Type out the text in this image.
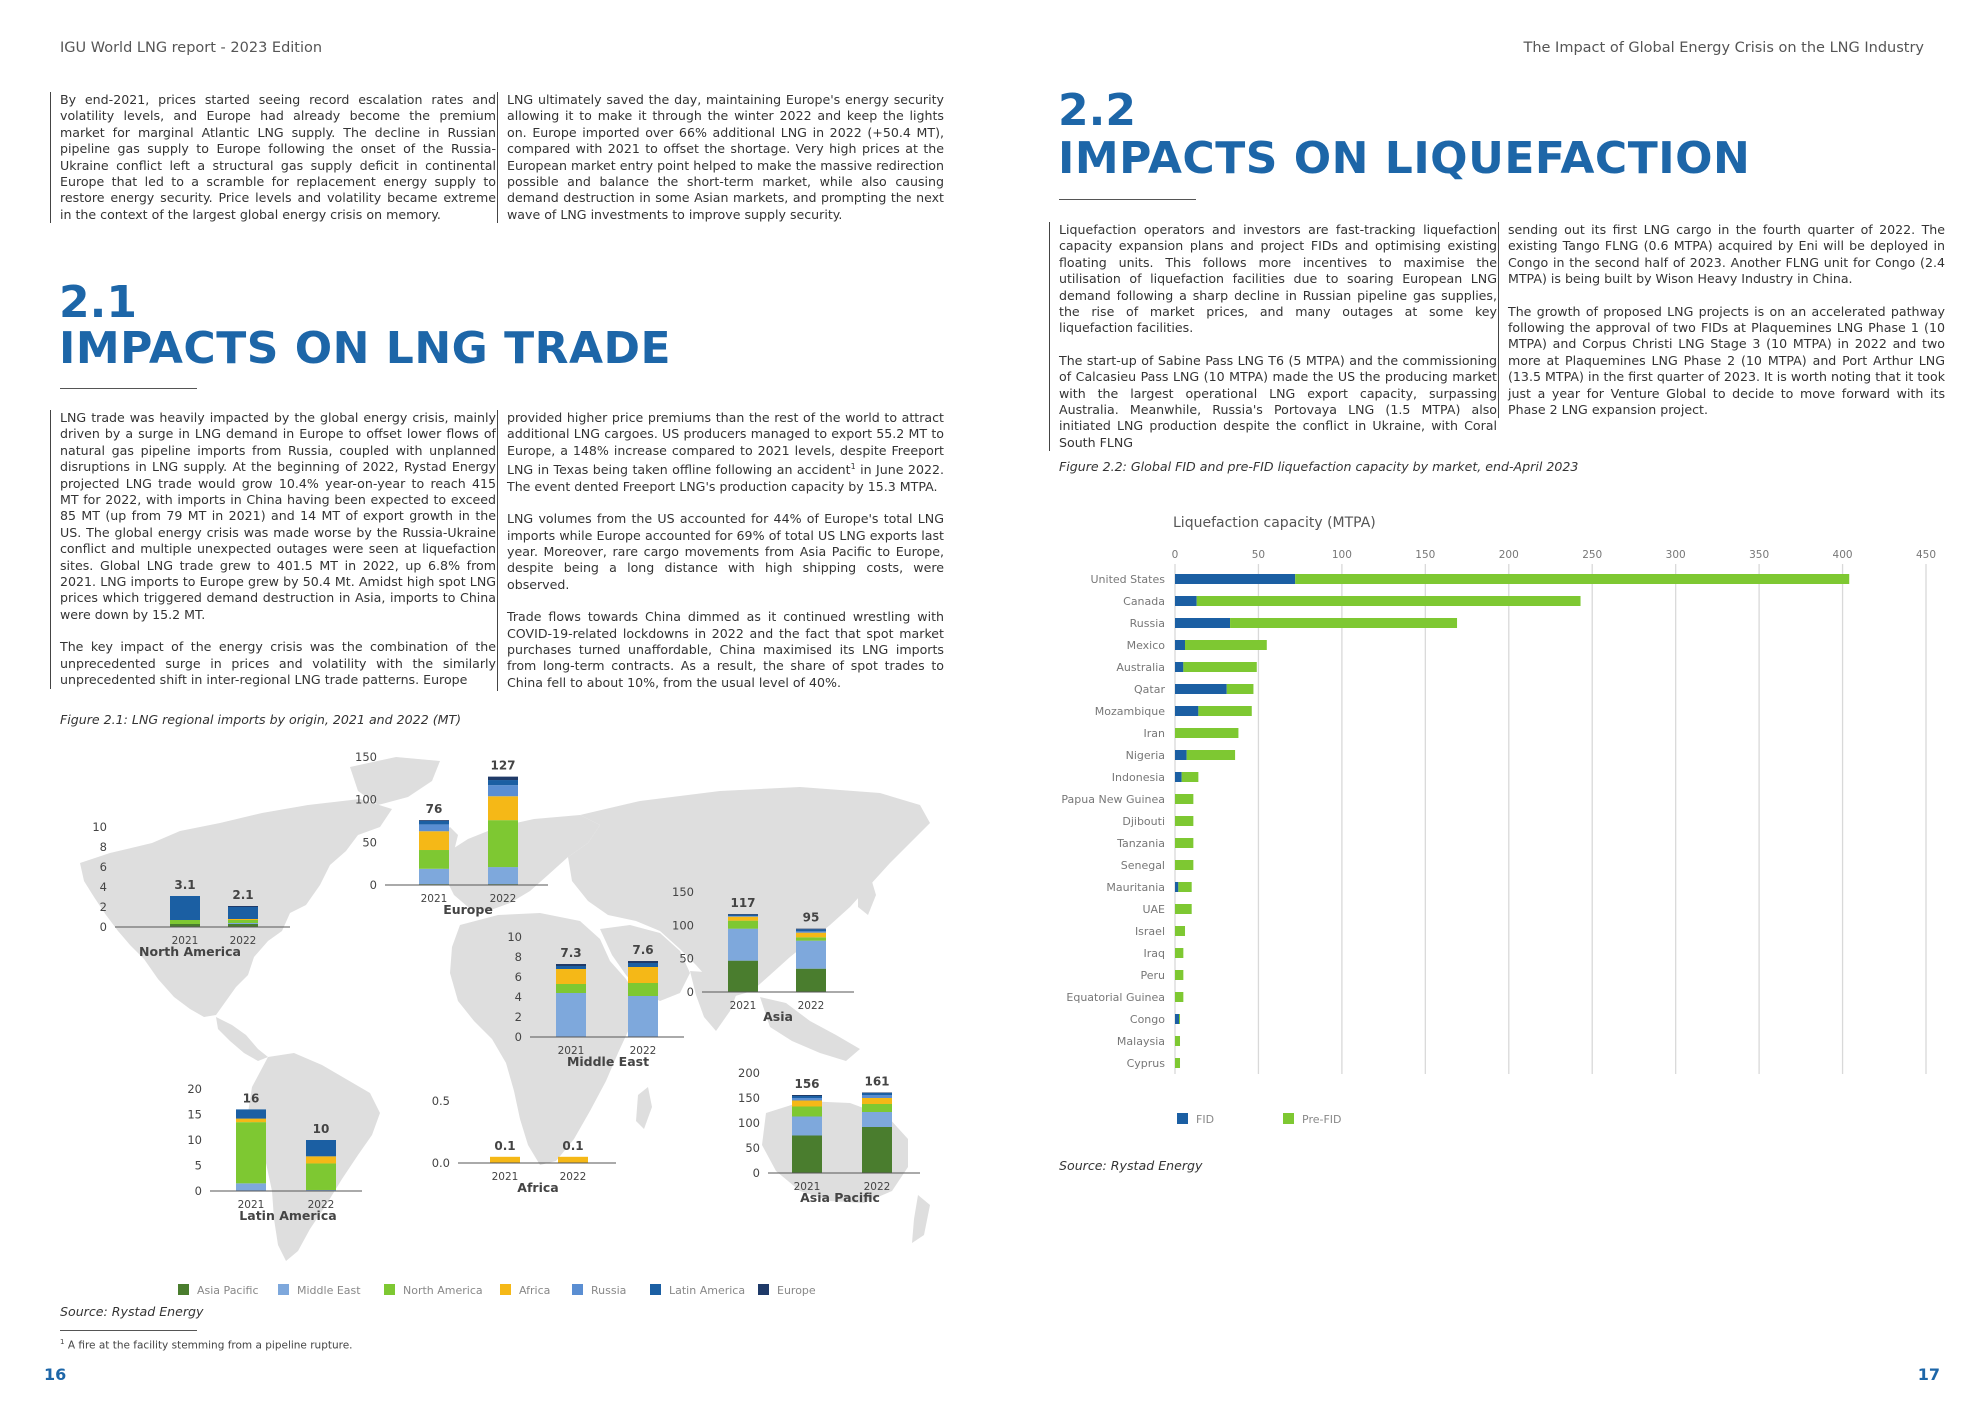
IGU World LNG report - 2023 Edition	The Impact of Global Energy Crisis on the LNG Industry

By end-2021, prices started seeing record escalation rates and volatility levels, and Europe had already become the premium market for marginal Atlantic LNG supply. The decline in Russian pipeline gas supply to Europe following the onset of the Russia-Ukraine conflict left a structural gas supply deficit in continental Europe that led to a scramble for replacement energy supply to restore energy security. Price levels and volatility became extreme in the context of the largest global energy crisis on memory.

LNG ultimately saved the day, maintaining Europe's energy security allowing it to make it through the winter 2022 and keep the lights on. Europe imported over 66% additional LNG in 2022 (+50.4 MT), compared with 2021 to offset the shortage. Very high prices at the European market entry point helped to make the massive redirection possible and balance the short-term market, while also causing demand destruction in some Asian markets, and prompting the next wave of LNG investments to improve supply security.

2.1
IMPACTS ON LNG TRADE

LNG trade was heavily impacted by the global energy crisis, mainly driven by a surge in LNG demand in Europe to offset lower flows of natural gas pipeline imports from Russia, coupled with unplanned disruptions in LNG supply. At the beginning of 2022, Rystad Energy projected LNG trade would grow 10.4% year-on-year to reach 415 MT for 2022, with imports in China having been expected to exceed 85 MT (up from 79 MT in 2021) and 14 MT of export growth in the US. The global energy crisis was made worse by the Russia-Ukraine conflict and multiple unexpected outages were seen at liquefaction sites. Global LNG trade grew to 401.5 MT in 2022, up 6.8% from 2021. LNG imports to Europe grew by 50.4 Mt. Amidst high spot LNG prices which triggered demand destruction in Asia, imports to China were down by 15.2 MT.

The key impact of the energy crisis was the combination of the unprecedented surge in prices and volatility with the similarly unprecedented shift in inter-regional LNG trade patterns. Europe

provided higher price premiums than the rest of the world to attract additional LNG cargoes. US producers managed to export 55.2 MT to Europe, a 148% increase compared to 2021 levels, despite Freeport LNG in Texas being taken offline following an accident$^1$ in June 2022. The event dented Freeport LNG's production capacity by 15.3 MTPA.

LNG volumes from the US accounted for 44% of Europe's total LNG imports while Europe accounted for 69% of total US LNG exports last year. Moreover, rare cargo movements from Asia Pacific to Europe, despite being a long distance with high shipping costs, were observed.

Trade flows towards China dimmed as it continued wrestling with COVID-19-related lockdowns in 2022 and the fact that spot market purchases turned unaffordable, China maximised its LNG imports from long-term contracts. As a result, the share of spot trades to China fell to about 10%, from the usual level of 40%.

Figure 2.1: LNG regional imports by origin, 2021 and 2022 (MT)
0
2
4
6
8
10
3.1
2021
2.1
2022
North America
0
50
100
150
76
2021
127
2022
Europe
0
50
100
150
117
2021
95
2022
Asia
0
2
4
6
8
10
7.3
2021
7.6
2022
Middle East
0
5
10
15
20
16
2021
10
2022
Latin America
0.0
0.5
0.1
2021
0.1
2022
Africa
0
50
100
150
200
156
2021
161
2022
Asia Pacific
Asia Pacific	Middle East	North America	Africa	Russia	Latin America	Europe
Source: Rystad Energy
$^1$ A fire at the facility stemming from a pipeline rupture.
16
2.2
IMPACTS ON LIQUEFACTION

Liquefaction operators and investors are fast-tracking liquefaction capacity expansion plans and project FIDs and optimising existing floating units. This follows more incentives to maximise the utilisation of liquefaction facilities due to soaring European LNG demand following a sharp decline in Russian pipeline gas supplies, the rise of market prices, and many outages at some key liquefaction facilities.

The start-up of Sabine Pass LNG T6 (5 MTPA) and the commissioning of Calcasieu Pass LNG (10 MTPA) made the US the producing market with the largest operational LNG export capacity, surpassing Australia. Meanwhile, Russia's Portovaya LNG (1.5 MTPA) also initiated LNG production despite the conflict in Ukraine, with Coral South FLNG

sending out its first LNG cargo in the fourth quarter of 2022. The existing Tango FLNG (0.6 MTPA) acquired by Eni will be deployed in Congo in the second half of 2023. Another FLNG unit for Congo (2.4 MTPA) is being built by Wison Heavy Industry in China.

The growth of proposed LNG projects is on an accelerated pathway following the approval of two FIDs at Plaquemines LNG Phase 1 (10 MTPA) and Corpus Christi LNG Stage 3 (10 MTPA) in 2022 and two more at Plaquemines LNG Phase 2 (10 MTPA) and Port Arthur LNG (13.5 MTPA) in the first quarter of 2023. It is worth noting that it took just a year for Venture Global to decide to move forward with its Phase 2 LNG expansion project.

Figure 2.2: Global FID and pre-FID liquefaction capacity by market, end-April 2023
Liquefaction capacity (MTPA)
0	50	100	150	200	250	300	350	400	450
United States
Canada
Russia
Mexico
Australia
Qatar
Mozambique
Iran
Nigeria
Indonesia
Papua New Guinea
Djibouti
Tanzania
Senegal
Mauritania
UAE
Israel
Iraq
Peru
Equatorial Guinea
Congo
Malaysia
Cyprus
FID	Pre-FID
Source: Rystad Energy
17
